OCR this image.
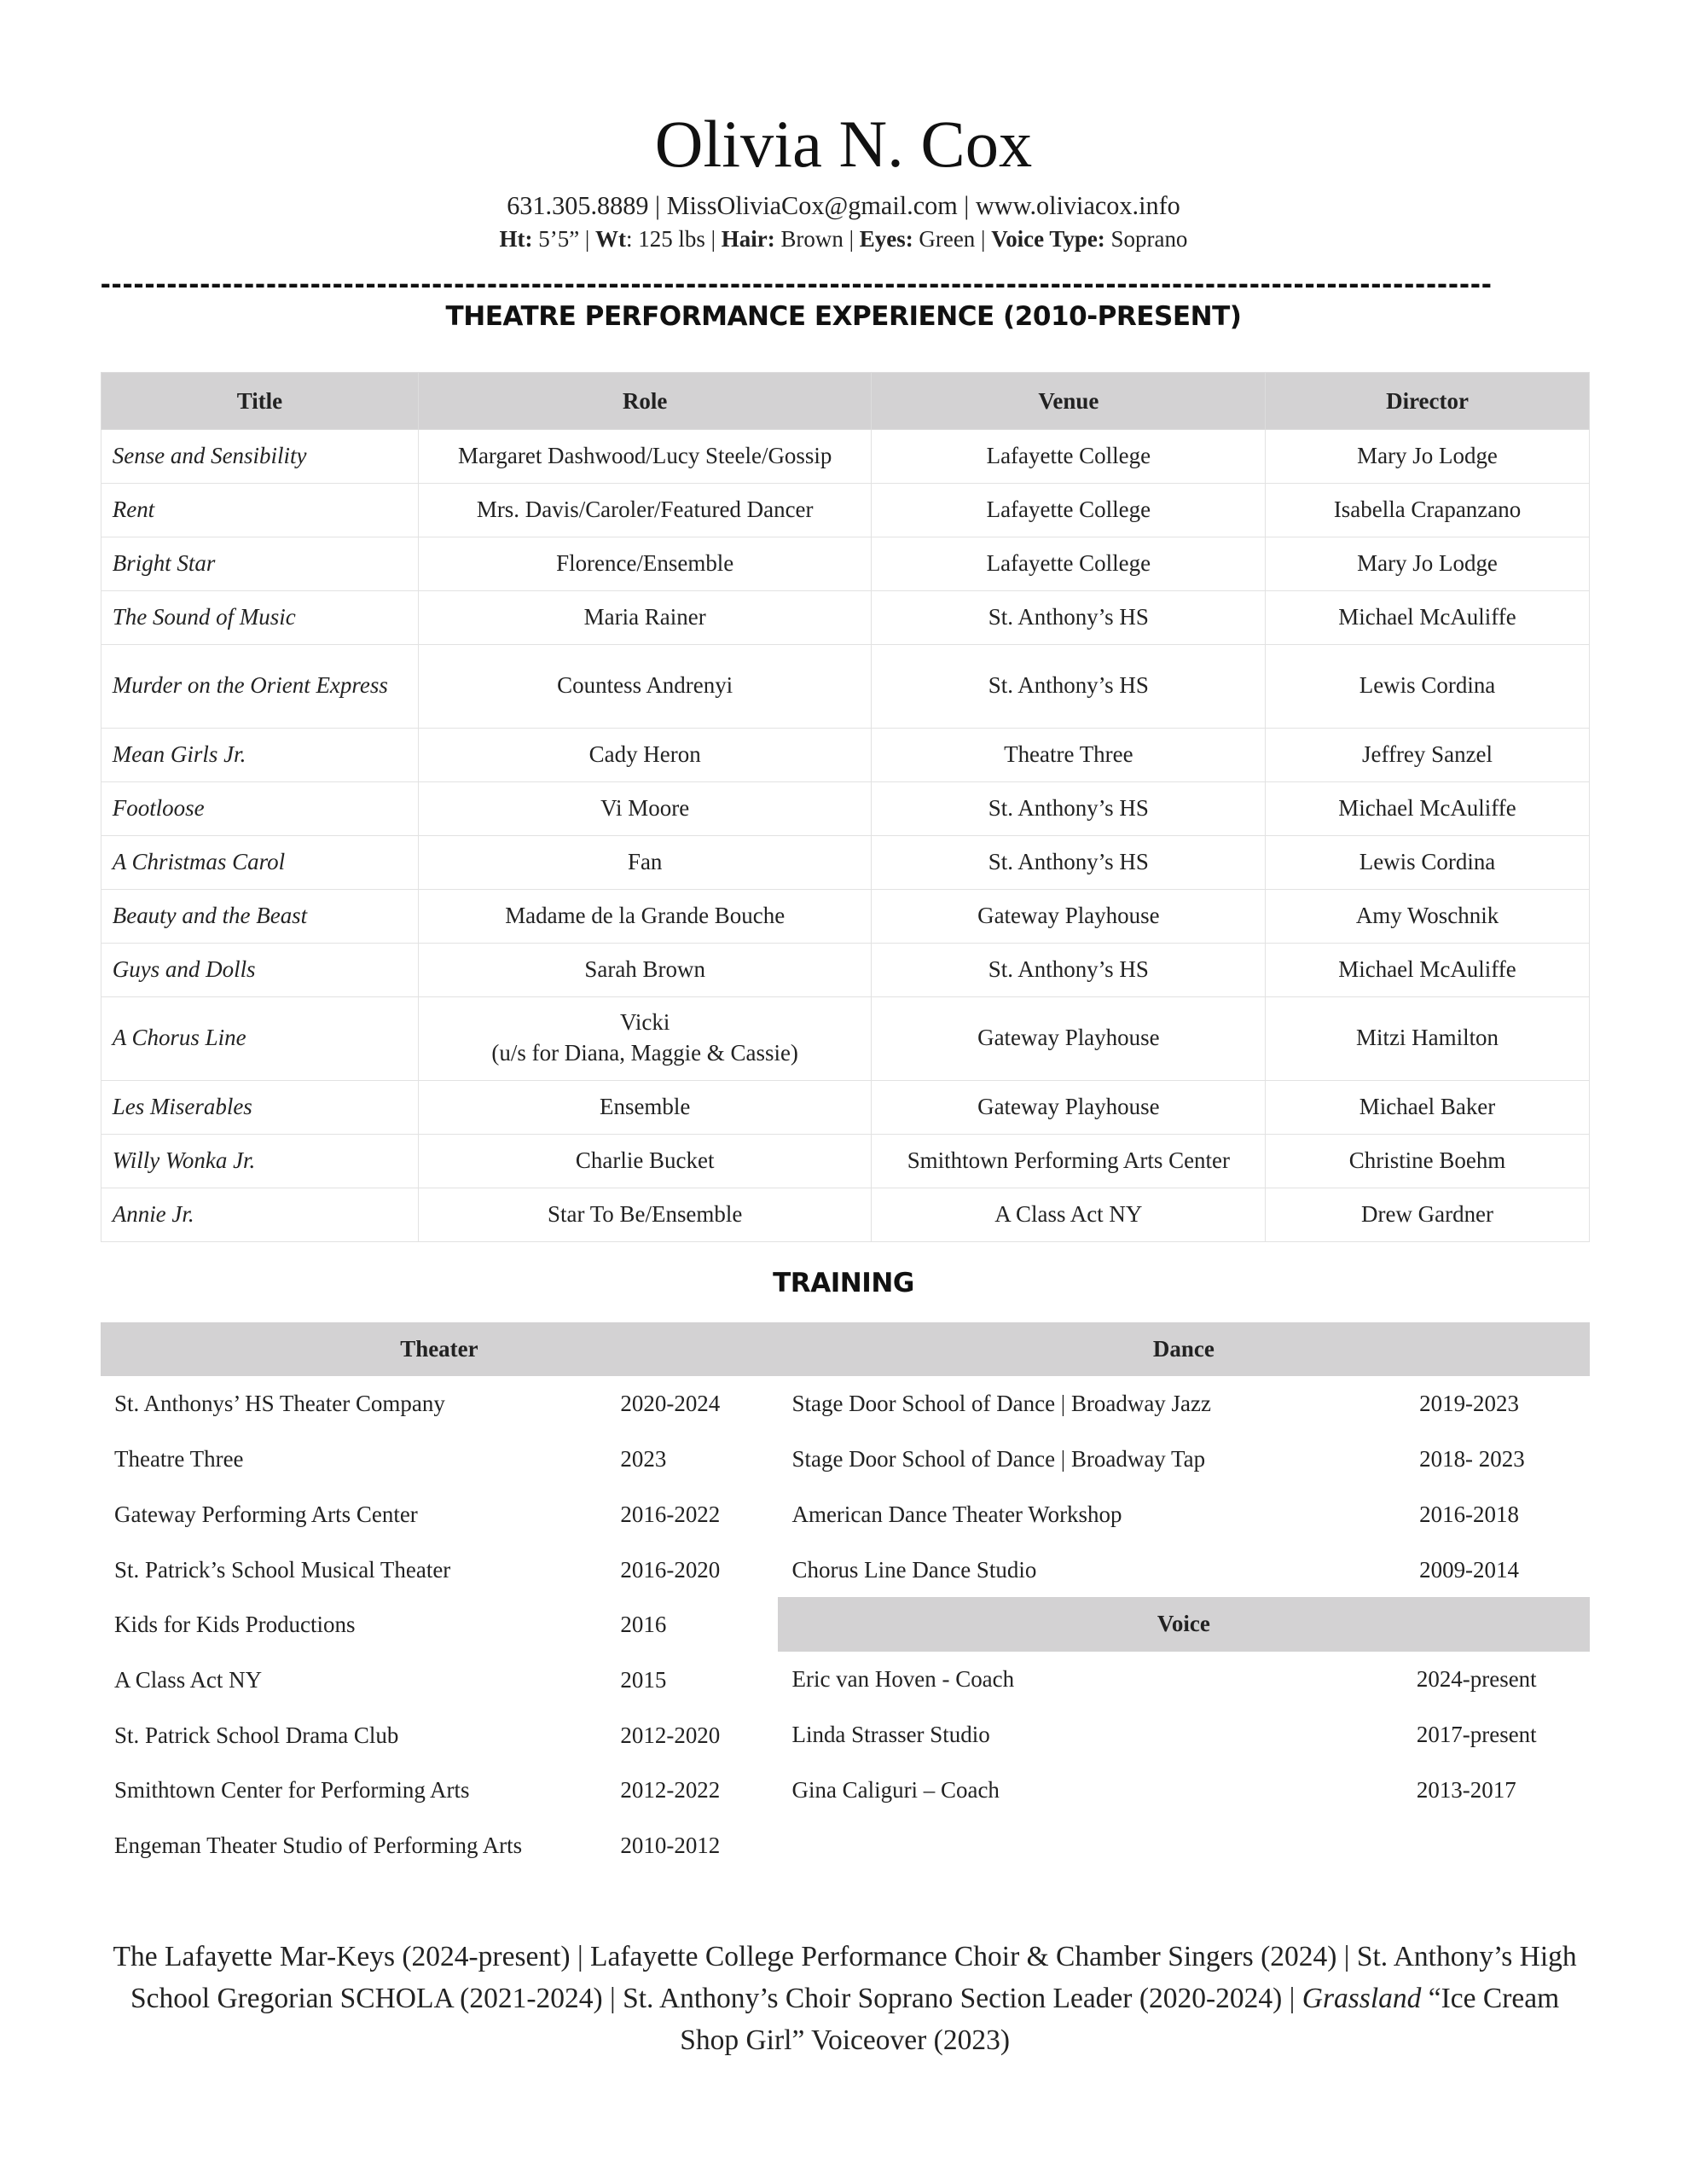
Olivia N. Cox
631.305.8889 | MissOliviaCox@gmail.com | www.oliviacox.info
Ht: 5’5” | Wt: 125 lbs | Hair: Brown | Eyes: Green | Voice Type: Soprano
------------------------------------------------------------------------------------------------------------------------------
THEATRE PERFORMANCE EXPERIENCE (2010-PRESENT)
Title	Role	Venue	Director
Sense and Sensibility	Margaret Dashwood/Lucy Steele/Gossip	Lafayette College	Mary Jo Lodge
Rent	Mrs. Davis/Caroler/Featured Dancer	Lafayette College	Isabella Crapanzano
Bright Star	Florence/Ensemble	Lafayette College	Mary Jo Lodge
The Sound of Music	Maria Rainer	St. Anthony’s HS	Michael McAuliffe
Murder on the Orient Express	Countess Andrenyi	St. Anthony’s HS	Lewis Cordina
Mean Girls Jr.	Cady Heron	Theatre Three	Jeffrey Sanzel
Footloose	Vi Moore	St. Anthony’s HS	Michael McAuliffe
A Christmas Carol	Fan	St. Anthony’s HS	Lewis Cordina
Beauty and the Beast	Madame de la Grande Bouche	Gateway Playhouse	Amy Woschnik
Guys and Dolls	Sarah Brown	St. Anthony’s HS	Michael McAuliffe
A Chorus Line	Vicki
(u/s for Diana, Maggie & Cassie)	Gateway Playhouse	Mitzi Hamilton
Les Miserables	Ensemble	Gateway Playhouse	Michael Baker
Willy Wonka Jr.	Charlie Bucket	Smithtown Performing Arts Center	Christine Boehm
Annie Jr.	Star To Be/Ensemble	A Class Act NY	Drew Gardner
TRAINING
Theater
St. Anthonys’ HS Theater Company	2020-2024
Theatre Three	2023
Gateway Performing Arts Center	2016-2022
St. Patrick’s School Musical Theater	2016-2020
Kids for Kids Productions	2016
A Class Act NY	2015
St. Patrick School Drama Club	2012-2020
Smithtown Center for Performing Arts	2012-2022
Engeman Theater Studio of Performing Arts	2010-2012
Dance
Stage Door School of Dance | Broadway Jazz	2019-2023
Stage Door School of Dance | Broadway Tap	2018- 2023
American Dance Theater Workshop	2016-2018
Chorus Line Dance Studio	2009-2014
Voice
Eric van Hoven - Coach	2024-present
Linda Strasser Studio	2017-present
Gina Caliguri – Coach	2013-2017
The Lafayette Mar-Keys (2024-present) | Lafayette College Performance Choir & Chamber Singers (2024) | St. Anthony’s High School Gregorian SCHOLA (2021-2024) | St. Anthony’s Choir Soprano Section Leader (2020-2024) | Grassland “Ice Cream Shop Girl” Voiceover (2023)
